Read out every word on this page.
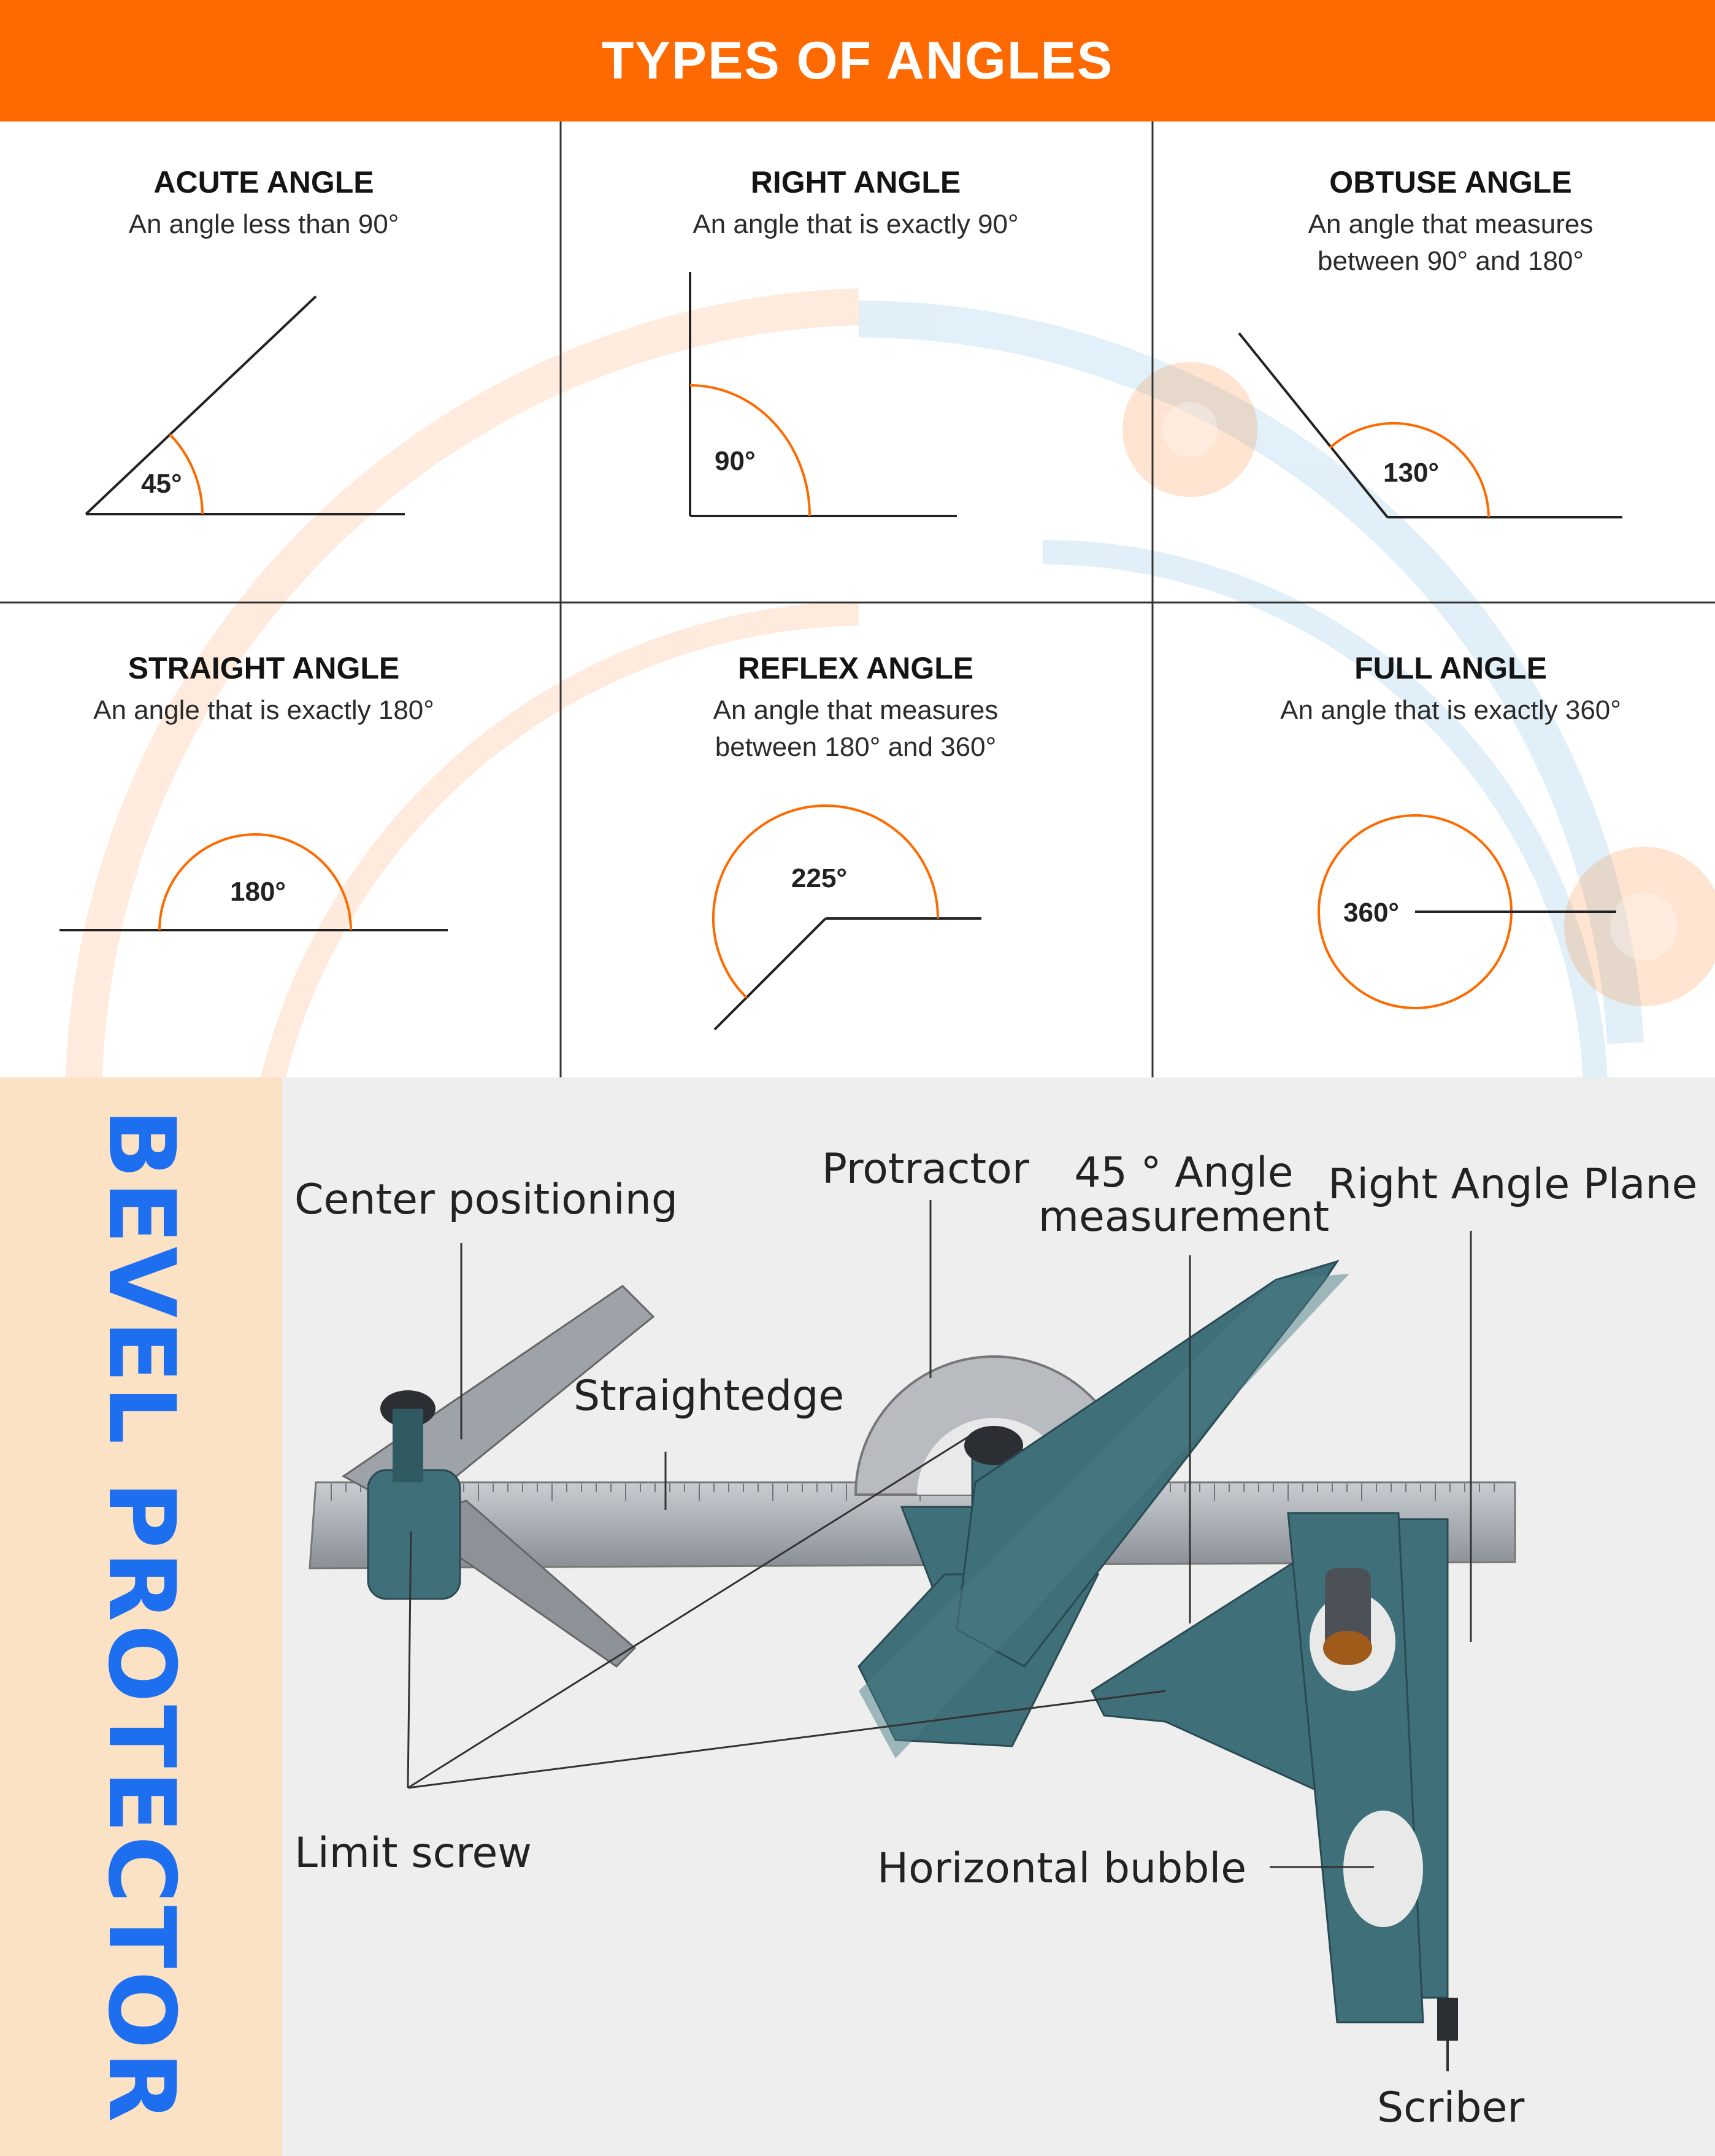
TYPES OF ANGLES
45°
90°	130°
180°	225°
360°
ACUTE ANGLE
An angle less than 90°
RIGHT ANGLE
An angle that is exactly 90°
OBTUSE ANGLE
An angle that measures between 90° and 180°
STRAIGHT ANGLE
An angle that is exactly 180°
REFLEX ANGLE
An angle that measures between 180° and 360°
FULL ANGLE
An angle that is exactly 360°
BEVEL PROTECTOR Center positioning
Protractor	45 ° Angle measurement
Right Angle Plane
Straightedge
Limit screw	Horizontal bubble
Scriber
